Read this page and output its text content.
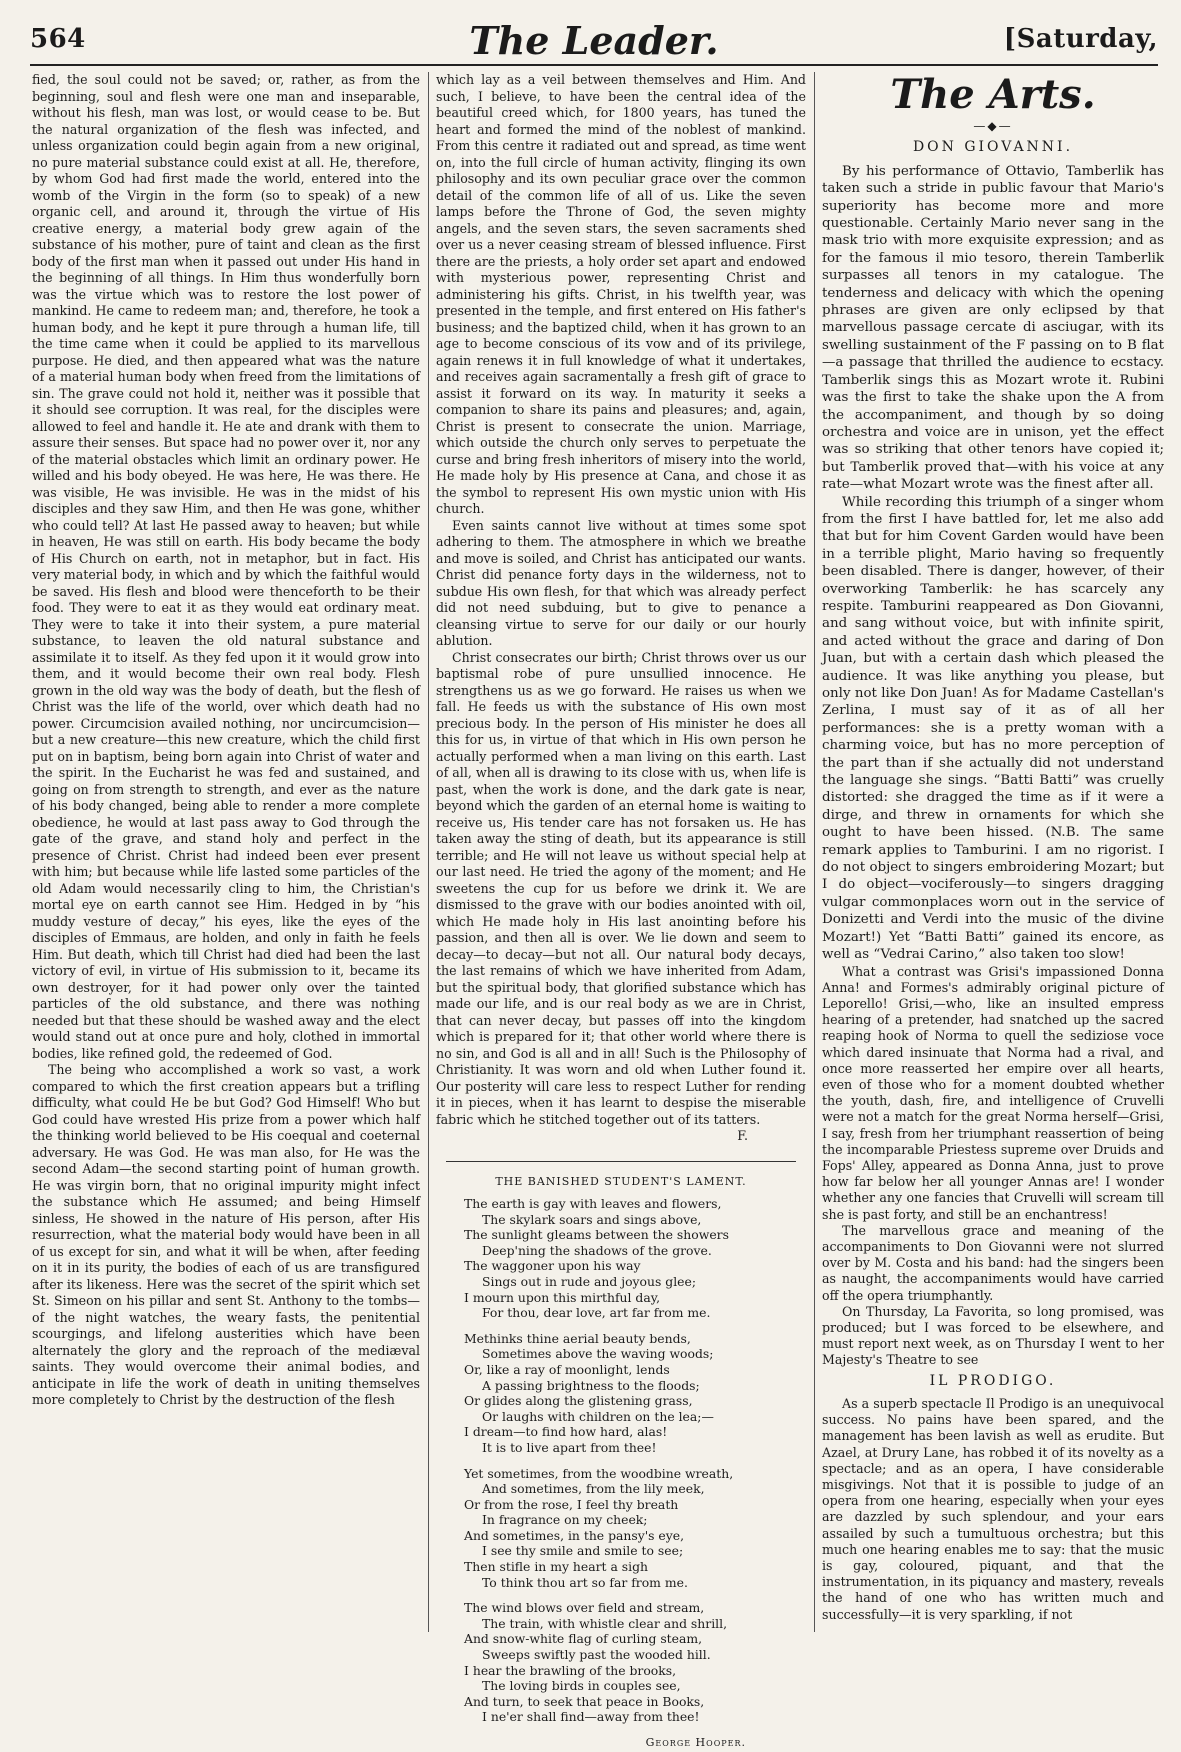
564	The Leader.	[Saturday,

fied, the soul could not be saved; or, rather, as from the beginning, soul and flesh were one man and inseparable, without his flesh, man was lost, or would cease to be. But the natural organization of the flesh was infected, and unless organization could begin again from a new original, no pure material substance could exist at all. He, therefore, by whom God had first made the world, entered into the womb of the Virgin in the form (so to speak) of a new organic cell, and around it, through the virtue of His creative energy, a material body grew again of the substance of his mother, pure of taint and clean as the first body of the first man when it passed out under His hand in the beginning of all things. In Him thus wonderfully born was the virtue which was to restore the lost power of mankind. He came to redeem man; and, therefore, he took a human body, and he kept it pure through a human life, till the time came when it could be applied to its marvellous purpose. He died, and then appeared what was the nature of a material human body when freed from the limitations of sin. The grave could not hold it, neither was it possible that it should see corruption. It was real, for the disciples were allowed to feel and handle it. He ate and drank with them to assure their senses. But space had no power over it, nor any of the material obstacles which limit an ordinary power. He willed and his body obeyed. He was here, He was there. He was visible, He was invisible. He was in the midst of his disciples and they saw Him, and then He was gone, whither who could tell? At last He passed away to heaven; but while in heaven, He was still on earth. His body became the body of His Church on earth, not in metaphor, but in fact. His very material body, in which and by which the faithful would be saved. His flesh and blood were thenceforth to be their food. They were to eat it as they would eat ordinary meat. They were to take it into their system, a pure material substance, to leaven the old natural substance and assimilate it to itself. As they fed upon it it would grow into them, and it would become their own real body. Flesh grown in the old way was the body of death, but the flesh of Christ was the life of the world, over which death had no power. Circumcision availed nothing, nor uncircumcision—but a new creature—this new creature, which the child first put on in baptism, being born again into Christ of water and the spirit. In the Eucharist he was fed and sustained, and going on from strength to strength, and ever as the nature of his body changed, being able to render a more complete obedience, he would at last pass away to God through the gate of the grave, and stand holy and perfect in the presence of Christ. Christ had indeed been ever present with him; but because while life lasted some particles of the old Adam would necessarily cling to him, the Christian's mortal eye on earth cannot see Him. Hedged in by “his muddy vesture of decay,” his eyes, like the eyes of the disciples of Emmaus, are holden, and only in faith he feels Him. But death, which till Christ had died had been the last victory of evil, in virtue of His submission to it, became its own destroyer, for it had power only over the tainted particles of the old substance, and there was nothing needed but that these should be washed away and the elect would stand out at once pure and holy, clothed in immortal bodies, like refined gold, the redeemed of God.

The being who accomplished a work so vast, a work compared to which the first creation appears but a trifling difficulty, what could He be but God? God Himself! Who but God could have wrested His prize from a power which half the thinking world believed to be His coequal and coeternal adversary. He was God. He was man also, for He was the second Adam—the second starting point of human growth. He was virgin born, that no original impurity might infect the substance which He assumed; and being Himself sinless, He showed in the nature of His person, after His resurrection, what the material body would have been in all of us except for sin, and what it will be when, after feeding on it in its purity, the bodies of each of us are transfigured after its likeness. Here was the secret of the spirit which set St. Simeon on his pillar and sent St. Anthony to the tombs—of the night watches, the weary fasts, the penitential scourgings, and lifelong austerities which have been alternately the glory and the reproach of the mediæval saints. They would overcome their animal bodies, and anticipate in life the work of death in uniting themselves more completely to Christ by the destruction of the flesh

which lay as a veil between themselves and Him. And such, I believe, to have been the central idea of the beautiful creed which, for 1800 years, has tuned the heart and formed the mind of the noblest of mankind. From this centre it radiated out and spread, as time went on, into the full circle of human activity, flinging its own philosophy and its own peculiar grace over the common detail of the common life of all of us. Like the seven lamps before the Throne of God, the seven mighty angels, and the seven stars, the seven sacraments shed over us a never ceasing stream of blessed influence. First there are the priests, a holy order set apart and endowed with mysterious power, representing Christ and administering his gifts. Christ, in his twelfth year, was presented in the temple, and first entered on His father's business; and the baptized child, when it has grown to an age to become conscious of its vow and of its privilege, again renews it in full knowledge of what it undertakes, and receives again sacramentally a fresh gift of grace to assist it forward on its way. In maturity it seeks a companion to share its pains and pleasures; and, again, Christ is present to consecrate the union. Marriage, which outside the church only serves to perpetuate the curse and bring fresh inheritors of misery into the world, He made holy by His presence at Cana, and chose it as the symbol to represent His own mystic union with His church.

Even saints cannot live without at times some spot adhering to them. The atmosphere in which we breathe and move is soiled, and Christ has anticipated our wants. Christ did penance forty days in the wilderness, not to subdue His own flesh, for that which was already perfect did not need subduing, but to give to penance a cleansing virtue to serve for our daily or our hourly ablution.

Christ consecrates our birth; Christ throws over us our baptismal robe of pure unsullied innocence. He strengthens us as we go forward. He raises us when we fall. He feeds us with the substance of His own most precious body. In the person of His minister he does all this for us, in virtue of that which in His own person he actually performed when a man living on this earth. Last of all, when all is drawing to its close with us, when life is past, when the work is done, and the dark gate is near, beyond which the garden of an eternal home is waiting to receive us, His tender care has not forsaken us. He has taken away the sting of death, but its appearance is still terrible; and He will not leave us without special help at our last need. He tried the agony of the moment; and He sweetens the cup for us before we drink it. We are dismissed to the grave with our bodies anointed with oil, which He made holy in His last anointing before his passion, and then all is over. We lie down and seem to decay—to decay—but not all. Our natural body decays, the last remains of which we have inherited from Adam, but the spiritual body, that glorified substance which has made our life, and is our real body as we are in Christ, that can never decay, but passes off into the kingdom which is prepared for it; that other world where there is no sin, and God is all and in all! Such is the Philosophy of Christianity. It was worn and old when Luther found it. Our posterity will care less to respect Luther for rending it in pieces, when it has learnt to despise the miserable fabric which he stitched together out of its tatters.

F.
THE BANISHED STUDENT'S LAMENT.
The earth is gay with leaves and flowers,
The skylark soars and sings above,
The sunlight gleams between the showers
Deep'ning the shadows of the grove.
The waggoner upon his way
Sings out in rude and joyous glee;
I mourn upon this mirthful day,
For thou, dear love, art far from me.
Methinks thine aerial beauty bends,
Sometimes above the waving woods;
Or, like a ray of moonlight, lends
A passing brightness to the floods;
Or glides along the glistening grass,
Or laughs with children on the lea;—
I dream—to find how hard, alas!
It is to live apart from thee!
Yet sometimes, from the woodbine wreath,
And sometimes, from the lily meek,
Or from the rose, I feel thy breath
In fragrance on my cheek;
And sometimes, in the pansy's eye,
I see thy smile and smile to see;
Then stifle in my heart a sigh
To think thou art so far from me.
The wind blows over field and stream,
The train, with whistle clear and shrill,
And snow-white flag of curling steam,
Sweeps swiftly past the wooded hill.
I hear the brawling of the brooks,
The loving birds in couples see,
And turn, to seek that peace in Books,
I ne'er shall find—away from thee!
George Hooper.
The Arts.
—◆—
DON GIOVANNI.

By his performance of Ottavio, Tamberlik has taken such a stride in public favour that Mario's superiority has become more and more questionable. Certainly Mario never sang in the mask trio with more exquisite expression; and as for the famous il mio tesoro, therein Tamberlik surpasses all tenors in my catalogue. The tenderness and delicacy with which the opening phrases are given are only eclipsed by that marvellous passage cercate di asciugar, with its swelling sustainment of the F passing on to B flat—a passage that thrilled the audience to ecstacy. Tamberlik sings this as Mozart wrote it. Rubini was the first to take the shake upon the A from the accompaniment, and though by so doing orchestra and voice are in unison, yet the effect was so striking that other tenors have copied it; but Tamberlik proved that—with his voice at any rate—what Mozart wrote was the finest after all.

While recording this triumph of a singer whom from the first I have battled for, let me also add that but for him Covent Garden would have been in a terrible plight, Mario having so frequently been disabled. There is danger, however, of their overworking Tamberlik: he has scarcely any respite. Tamburini reappeared as Don Giovanni, and sang without voice, but with infinite spirit, and acted without the grace and daring of Don Juan, but with a certain dash which pleased the audience. It was like anything you please, but only not like Don Juan! As for Madame Castellan's Zerlina, I must say of it as of all her performances: she is a pretty woman with a charming voice, but has no more perception of the part than if she actually did not understand the language she sings. “Batti Batti” was cruelly distorted: she dragged the time as if it were a dirge, and threw in ornaments for which she ought to have been hissed. (N.B. The same remark applies to Tamburini. I am no rigorist. I do not object to singers embroidering Mozart; but I do object—vociferously—to singers dragging vulgar commonplaces worn out in the service of Donizetti and Verdi into the music of the divine Mozart!) Yet “Batti Batti” gained its encore, as well as “Vedrai Carino,” also taken too slow!

What a contrast was Grisi's impassioned Donna Anna! and Formes's admirably original picture of Leporello! Grisi,—who, like an insulted empress hearing of a pretender, had snatched up the sacred reaping hook of Norma to quell the sediziose voce which dared insinuate that Norma had a rival, and once more reasserted her empire over all hearts, even of those who for a moment doubted whether the youth, dash, fire, and intelligence of Cruvelli were not a match for the great Norma herself—Grisi, I say, fresh from her triumphant reassertion of being the incomparable Priestess supreme over Druids and Fops' Alley, appeared as Donna Anna, just to prove how far below her all younger Annas are! I wonder whether any one fancies that Cruvelli will scream till she is past forty, and still be an enchantress!

The marvellous grace and meaning of the accompaniments to Don Giovanni were not slurred over by M. Costa and his band: had the singers been as naught, the accompaniments would have carried off the opera triumphantly.

On Thursday, La Favorita, so long promised, was produced; but I was forced to be elsewhere, and must report next week, as on Thursday I went to her Majesty's Theatre to see

IL PRODIGO.

As a superb spectacle Il Prodigo is an unequivocal success. No pains have been spared, and the management has been lavish as well as erudite. But Azael, at Drury Lane, has robbed it of its novelty as a spectacle; and as an opera, I have considerable misgivings. Not that it is possible to judge of an opera from one hearing, especially when your eyes are dazzled by such splendour, and your ears assailed by such a tumultuous orchestra; but this much one hearing enables me to say: that the music is gay, coloured, piquant, and that the instrumentation, in its piquancy and mastery, reveals the hand of one who has written much and successfully—it is very sparkling, if not
